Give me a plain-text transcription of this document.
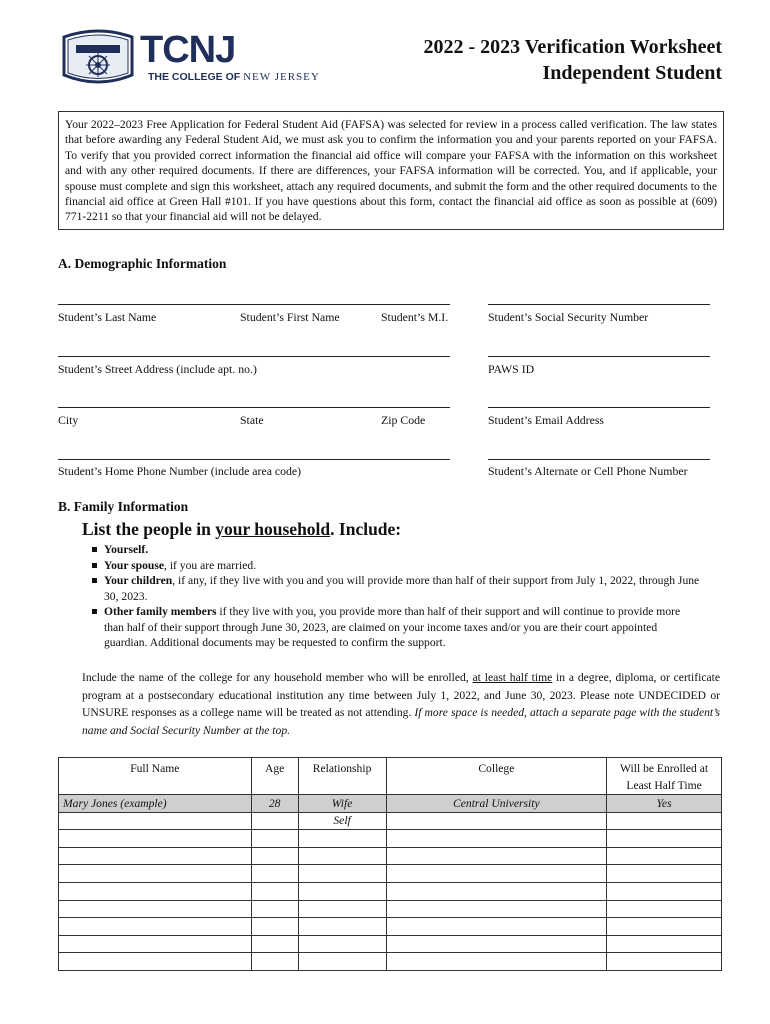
TCNJ
THE COLLEGE OF NEW JERSEY
2022 - 2023 Verification Worksheet
Independent Student
Your 2022–2023 Free Application for Federal Student Aid (FAFSA) was selected for review in a process called verification. The law states that before awarding any Federal Student Aid, we must ask you to confirm the information you and your parents reported on your FAFSA. To verify that you provided correct information the financial aid office will compare your FAFSA with the information on this worksheet and with any other required documents. If there are differences, your FAFSA information will be corrected. You, and if applicable, your spouse must complete and sign this worksheet, attach any required documents, and submit the form and the other required documents to the financial aid office at Green Hall #101. If you have questions about this form, contact the financial aid office as soon as possible at (609) 771-2211 so that your financial aid will not be delayed.
A. Demographic Information
Student’s Last Name	Student’s First Name	Student’s M.I.	Student’s Social Security Number
Student’s Street Address (include apt. no.)	PAWS ID
City	State	Zip Code	Student’s Email Address
Student’s Home Phone Number (include area code)	Student’s Alternate or Cell Phone Number
B. Family Information
List the people in your household. Include:
Yourself.
Your spouse, if you are married.
Your children, if any, if they live with you and you will provide more than half of their support from July 1, 2022, through June 30, 2023.
Other family members if they live with you, you provide more than half of their support and will continue to provide more than half of their support through June 30, 2023, are claimed on your income taxes and/or you are their court appointed guardian. Additional documents may be requested to confirm the support.
Include the name of the college for any household member who will be enrolled, at least half time in a degree, diploma, or certificate program at a postsecondary educational institution any time between July 1, 2022, and June 30, 2023. Please note UNDECIDED or UNSURE responses as a college name will be treated as not attending. If more space is needed, attach a separate page with the student’s name and Social Security Number at the top.
Full Name	Age	Relationship	College	Will be Enrolled at Least Half Time
Mary Jones (example)	28	Wife	Central University	Yes
		Self		
